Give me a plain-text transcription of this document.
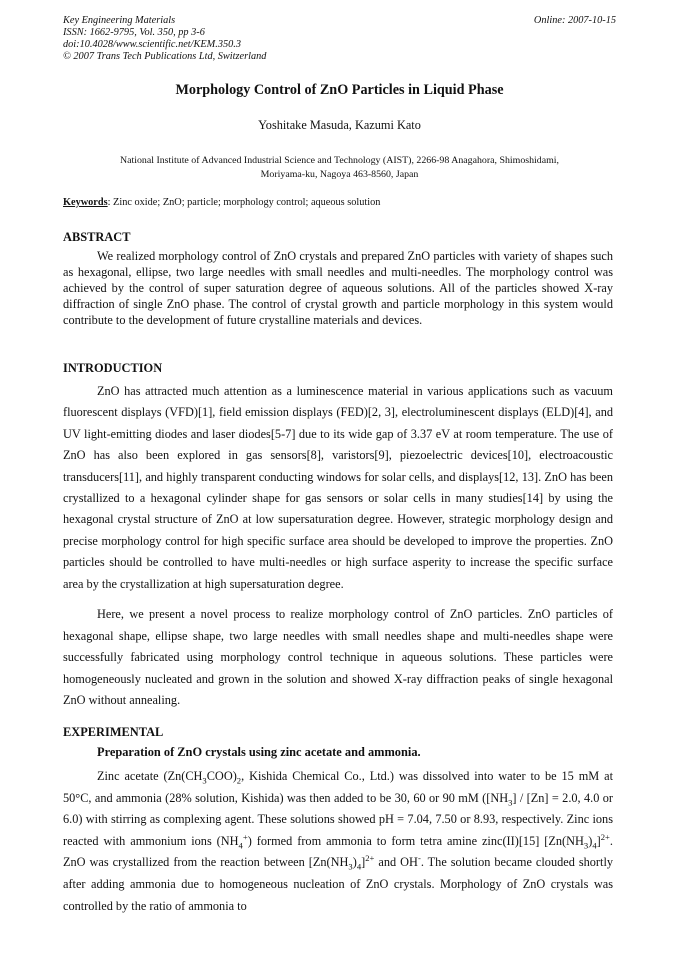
Key Engineering Materials
ISSN: 1662-9795, Vol. 350, pp 3-6
doi:10.4028/www.scientific.net/KEM.350.3
© 2007 Trans Tech Publications Ltd, Switzerland
Online: 2007-10-15
Morphology Control of ZnO Particles in Liquid Phase
Yoshitake Masuda, Kazumi Kato
National Institute of Advanced Industrial Science and Technology (AIST), 2266-98 Anagahora, Shimoshidami,
Moriyama-ku, Nagoya 463-8560, Japan
Keywords: Zinc oxide; ZnO; particle; morphology control; aqueous solution
ABSTRACT
We realized morphology control of ZnO crystals and prepared ZnO particles with variety of shapes such as hexagonal, ellipse, two large needles with small needles and multi-needles. The morphology control was achieved by the control of super saturation degree of aqueous solutions. All of the particles showed X-ray diffraction of single ZnO phase. The control of crystal growth and particle morphology in this system would contribute to the development of future crystalline materials and devices.
INTRODUCTION
ZnO has attracted much attention as a luminescence material in various applications such as vacuum fluorescent displays (VFD)[1], field emission displays (FED)[2, 3], electroluminescent displays (ELD)[4], and UV light-emitting diodes and laser diodes[5-7] due to its wide gap of 3.37 eV at room temperature. The use of ZnO has also been explored in gas sensors[8], varistors[9], piezoelectric devices[10], electroacoustic transducers[11], and highly transparent conducting windows for solar cells, and displays[12, 13]. ZnO has been crystallized to a hexagonal cylinder shape for gas sensors or solar cells in many studies[14] by using the hexagonal crystal structure of ZnO at low supersaturation degree. However, strategic morphology design and precise morphology control for high specific surface area should be developed to improve the properties. ZnO particles should be controlled to have multi-needles or high surface asperity to increase the specific surface area by the crystallization at high supersaturation degree.
Here, we present a novel process to realize morphology control of ZnO particles. ZnO particles of hexagonal shape, ellipse shape, two large needles with small needles shape and multi-needles shape were successfully fabricated using morphology control technique in aqueous solutions. These particles were homogeneously nucleated and grown in the solution and showed X-ray diffraction peaks of single hexagonal ZnO without annealing.
EXPERIMENTAL
Preparation of ZnO crystals using zinc acetate and ammonia.
Zinc acetate ($Zn(CH_3COO)_2$, Kishida Chemical Co., Ltd.) was dissolved into water to be 15 mM at 50°C, and ammonia (28% solution, Kishida) was then added to be 30, 60 or 90 mM ($[NH_3] / [Zn] = 2.0$, 4.0 or 6.0) with stirring as complexing agent. These solutions showed pH = 7.04, 7.50 or 8.93, respectively. Zinc ions reacted with ammonium ions $(NH_4^+)$ formed from ammonia to form tetra amine zinc(II)[15] $[Zn(NH_3)_4]^{2+}$. ZnO was crystallized from the reaction between $[Zn(NH_3)_4]^{2+}$ and OH-. The solution became clouded shortly after adding ammonia due to homogeneous nucleation of ZnO crystals. Morphology of ZnO crystals was controlled by the ratio of ammonia to
